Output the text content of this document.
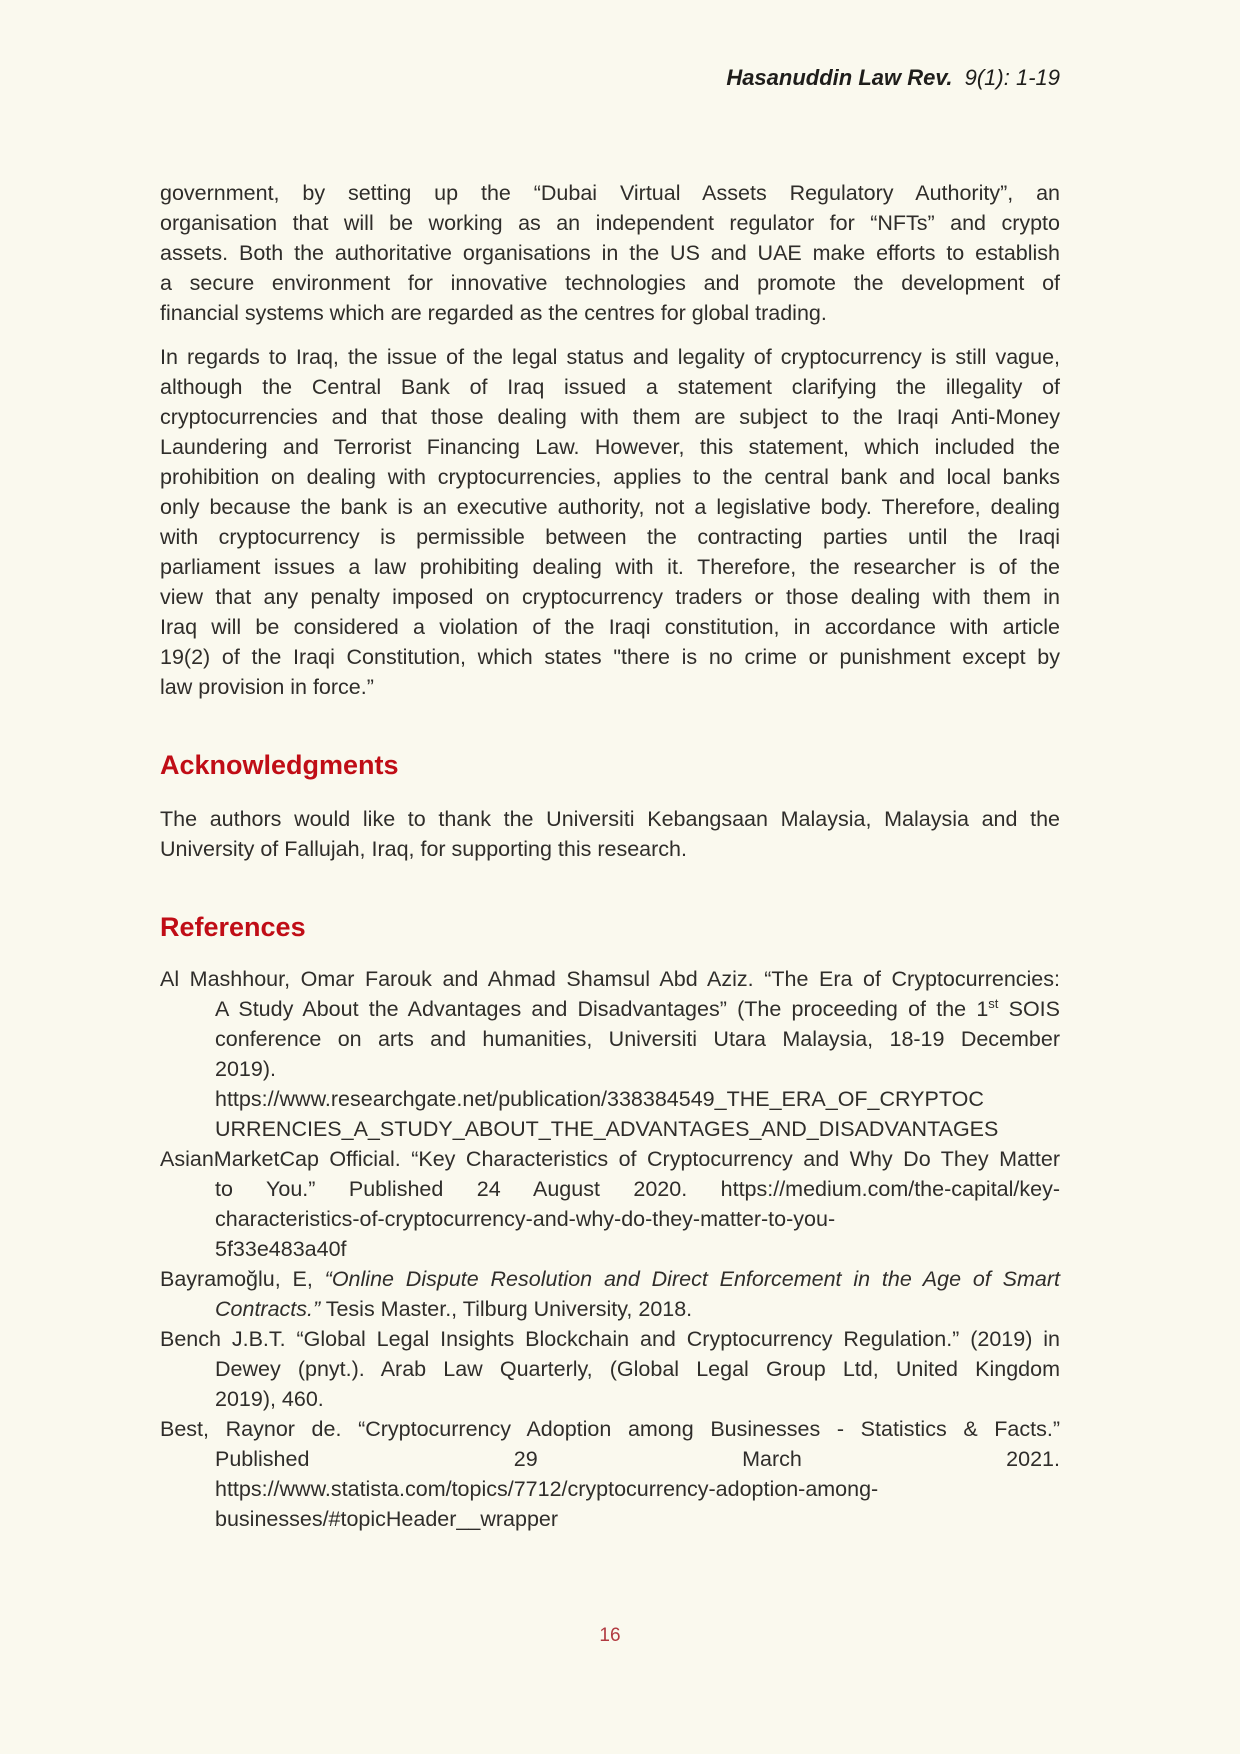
Hasanuddin Law Rev. 9(1): 1-19
government, by setting up the “Dubai Virtual Assets Regulatory Authority”, an
organisation that will be working as an independent regulator for “NFTs” and crypto
assets. Both the authoritative organisations in the US and UAE make efforts to establish
a secure environment for innovative technologies and promote the development of
financial systems which are regarded as the centres for global trading.
In regards to Iraq, the issue of the legal status and legality of cryptocurrency is still vague,
although the Central Bank of Iraq issued a statement clarifying the illegality of
cryptocurrencies and that those dealing with them are subject to the Iraqi Anti-Money
Laundering and Terrorist Financing Law. However, this statement, which included the
prohibition on dealing with cryptocurrencies, applies to the central bank and local banks
only because the bank is an executive authority, not a legislative body. Therefore, dealing
with cryptocurrency is permissible between the contracting parties until the Iraqi
parliament issues a law prohibiting dealing with it. Therefore, the researcher is of the
view that any penalty imposed on cryptocurrency traders or those dealing with them in
Iraq will be considered a violation of the Iraqi constitution, in accordance with article
19(2) of the Iraqi Constitution, which states "there is no crime or punishment except by
law provision in force.”
Acknowledgments
The authors would like to thank the Universiti Kebangsaan Malaysia, Malaysia and the
University of Fallujah, Iraq, for supporting this research.
References
Al Mashhour, Omar Farouk and Ahmad Shamsul Abd Aziz. “The Era of Cryptocurrencies:
A Study About the Advantages and Disadvantages” (The proceeding of the 1st SOIS
conference on arts and humanities, Universiti Utara Malaysia, 18-19 December
2019).
https://www.researchgate.net/publication/338384549_THE_ERA_OF_CRYPTOC
URRENCIES_A_STUDY_ABOUT_THE_ADVANTAGES_AND_DISADVANTAGES
AsianMarketCap Official. “Key Characteristics of Cryptocurrency and Why Do They Matter
to You.” Published 24 August 2020. https://medium.com/the-capital/key-
characteristics-of-cryptocurrency-and-why-do-they-matter-to-you-
5f33e483a40f
Bayramoğlu, E, “Online Dispute Resolution and Direct Enforcement in the Age of Smart
Contracts.” Tesis Master., Tilburg University, 2018.
Bench J.B.T. “Global Legal Insights Blockchain and Cryptocurrency Regulation.” (2019) in
Dewey (pnyt.). Arab Law Quarterly, (Global Legal Group Ltd, United Kingdom
2019), 460.
Best, Raynor de. “Cryptocurrency Adoption among Businesses - Statistics & Facts.”
Published 29 March 2021.
https://www.statista.com/topics/7712/cryptocurrency-adoption-among-
businesses/#topicHeader__wrapper
16
